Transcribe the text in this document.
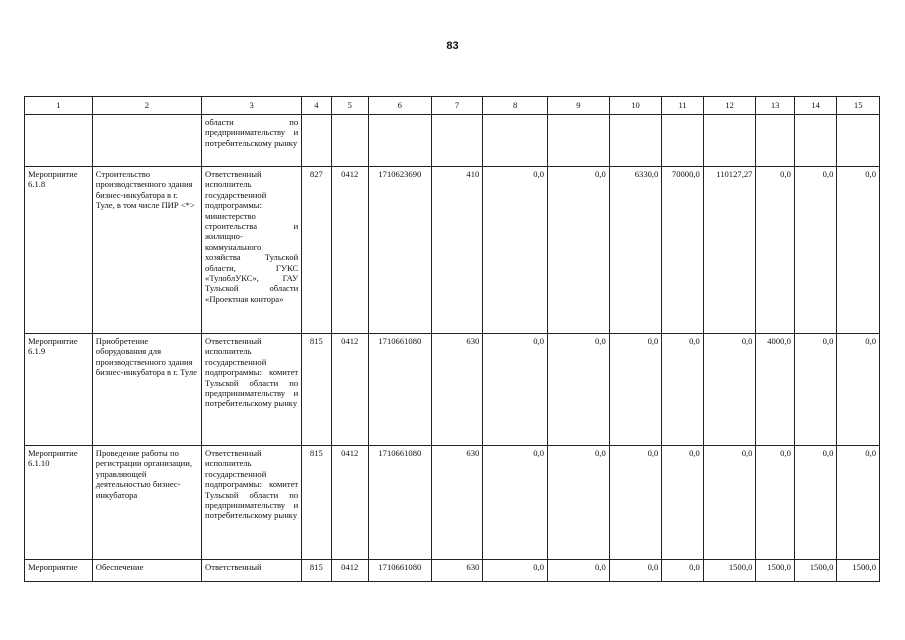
83
1	2	3	4	5	6	7	8	9	10	11	12	13	14	15
		области по предпринимательству и потребительскому рынку												
Мероприятие 6.1.8	Строительство производственного здания бизнес-инкубатора в г. Туле, в том числе ПИР <*>	Ответственный исполнитель государственной подпрограммы: министерство строительства и жилищно-коммунального хозяйства Тульской области, ГУКС «ТулоблУКС», ГАУ Тульской области «Проектная контора»	827	0412	1710623690	410	0,0	0,0	6330,0	70000,0	110127,27	0,0	0,0	0,0
Мероприятие 6.1.9	Приобретение оборудования для производственного здания бизнес-инкубатора в г. Туле	Ответственный исполнитель государственной подпрограммы: комитет Тульской области по предпринимательству и потребительскому рынку	815	0412	1710661080	630	0,0	0,0	0,0	0,0	0,0	4000,0	0,0	0,0
Мероприятие 6.1.10	Проведение работы по регистрации организации, управляющей деятельностью бизнес-инкубатора	Ответственный исполнитель государственной подпрограммы: комитет Тульской области по предпринимательству и потребительскому рынку	815	0412	1710661080	630	0,0	0,0	0,0	0,0	0,0	0,0	0,0	0,0
Мероприятие	Обеспечение	Ответственный	815	0412	1710661080	630	0,0	0,0	0,0	0,0	1500,0	1500,0	1500,0	1500,0
